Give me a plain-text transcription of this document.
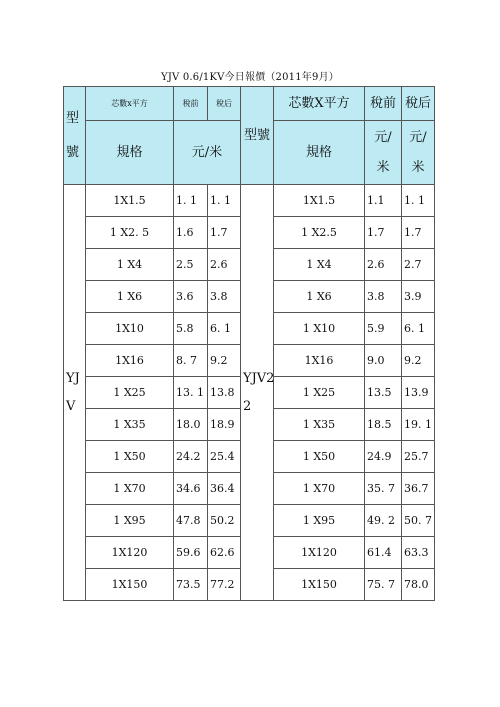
YJV 0.6/1KV今日報價（2011年9月）
型號	芯數x平方	稅前	稅后	型號	芯數X平方	稅前	稅后
	規格	元/米			規格	元/米	元/米

YJV	1X1.5	1. 1	1. 1	YJV22	1X1.5	1.1	1. 1
	1 X2. 5	1.6	1.7		1 X2.5	1.7	1.7
	1 X4	2.5	2.6		1 X4	2.6	2.7
	1 X6	3.6	3.8		1 X6	3.8	3.9
	1X10	5.8	6. 1		1 X10	5.9	6. 1
	1X16	8. 7	9.2		1X16	9.0	9.2
	1 X25	13. 1	13.8		1 X25	13.5	13.9
	1 X35	18.0	18.9		1 X35	18.5	19. 1
	1 X50	24.2	25.4		1 X50	24.9	25.7
	1 X70	34.6	36.4		1 X70	35. 7	36.7
	1 X95	47.8	50.2		1 X95	49. 2	50. 7
	1X120	59.6	62.6		1X120	61.4	63.3
	1X150	73.5	77.2		1X150	75. 7	78.0
